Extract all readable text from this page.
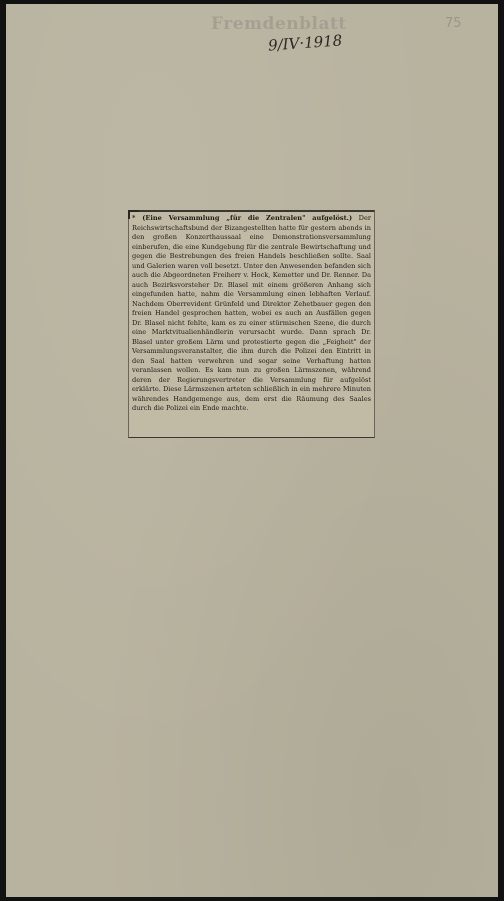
Fremdenblatt
9/IV·1918
75

* (Eine Versammlung „für die Zentralen" aufgelöst.) Der Reichswirtschaftsbund der Bizangestellten hatte für gestern abends in den großen Konzerthaussaal eine Demonstrationsversammlung einberufen, die eine Kundgebung für die zentrale Bewirtschaftung und gegen die Bestrebungen des freien Handels beschließen sollte. Saal und Galerien waren voll besetzt. Unter den Anwesenden befanden sich auch die Abgeordneten Freiherr v. Hock, Kemetter und Dr. Renner. Da auch Bezirksvorsteher Dr. Blasel mit einem größeren Anhang sich eingefunden hatte, nahm die Versammlung einen lebhaften Verlauf. Nachdem Oberrevident Grünfeld und Direktor Zehetbauer gegen den freien Handel gesprochen hatten, wobei es auch an Ausfällen gegen Dr. Blasel nicht fehlte, kam es zu einer stürmischen Szene, die durch eine Marktvitualienhändlerin verursacht wurde. Dann sprach Dr. Blasel unter großem Lärm und protestierte gegen die „Feigheit" der Versammlungsveranstalter, die ihm durch die Polizei den Eintritt in den Saal hatten verwehren und sogar seine Verhaftung hatten veranlassen wollen. Es kam nun zu großen Lärmszenen, während deren der Regierungsvertreter die Versammlung für aufgelöst erklärte. Diese Lärmszenen arteten schließlich in ein mehrere Minuten währendes Handgemenge aus, dem erst die Räumung des Saales durch die Polizei ein Ende machte.
